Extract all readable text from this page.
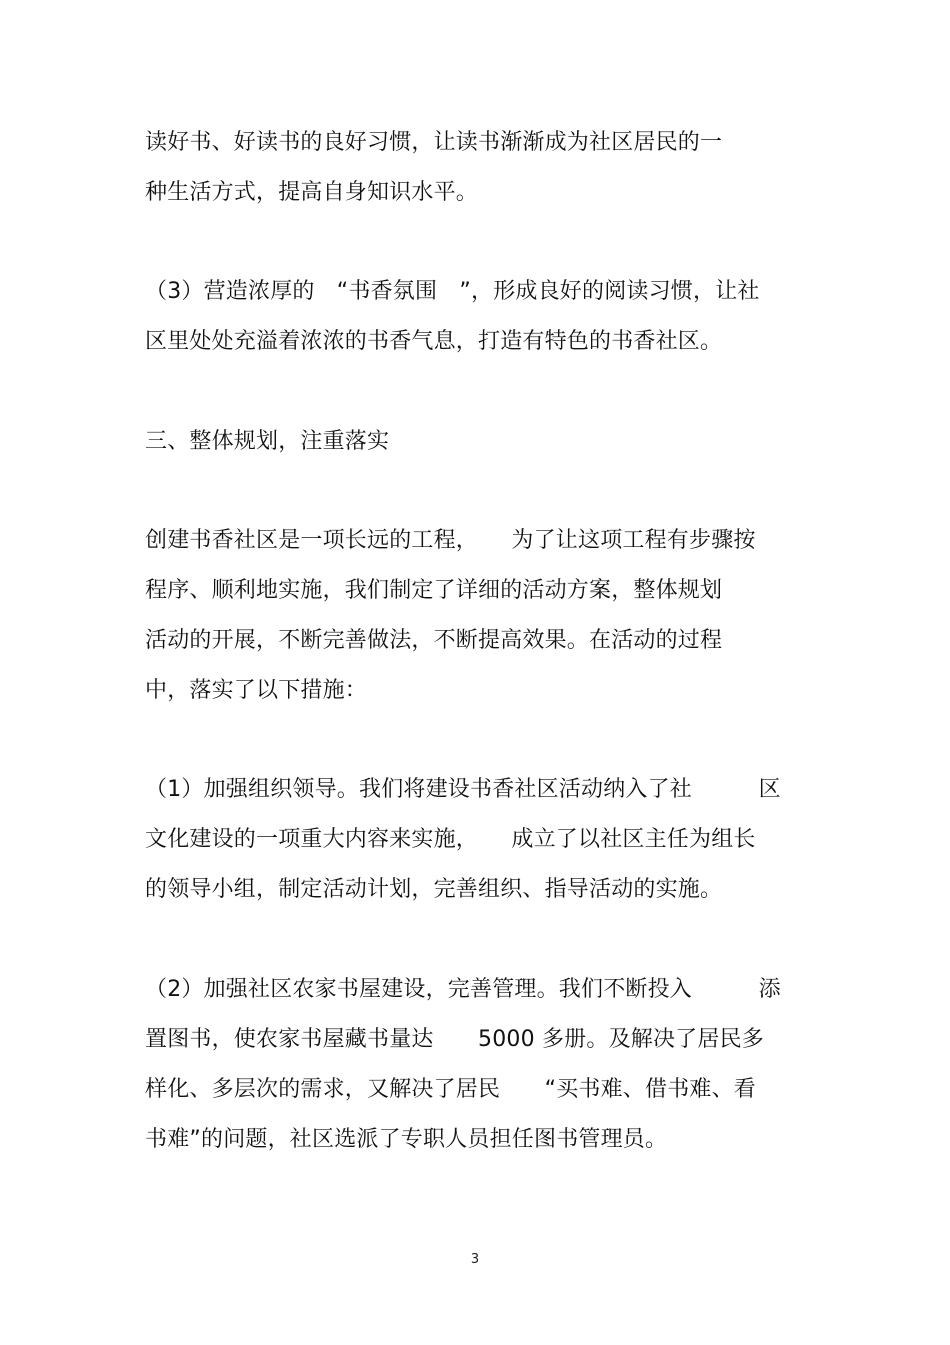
读好书、好读书的良好习惯，让读书渐渐成为社区居民的一
种生活方式，提高自身知识水平。
（3）营造浓厚的　“书香氛围　”，形成良好的阅读习惯，让社
区里处处充溢着浓浓的书香气息，打造有特色的书香社区。
三、整体规划，注重落实
创建书香社区是一项长远的工程，　　为了让这项工程有步骤按
程序、顺利地实施，我们制定了详细的活动方案，整体规划
活动的开展，不断完善做法，不断提高效果。在活动的过程
中，落实了以下措施：
（1）加强组织领导。我们将建设书香社区活动纳入了社　　　区
文化建设的一项重大内容来实施，　　成立了以社区主任为组长
的领导小组，制定活动计划，完善组织、指导活动的实施。
（2）加强社区农家书屋建设，完善管理。我们不断投入　　　添
置图书，使农家书屋藏书量达　　5000 多册。及解决了居民多
样化、多层次的需求，又解决了居民　　“买书难、借书难、看
书难”的问题，社区选派了专职人员担任图书管理员。
3
